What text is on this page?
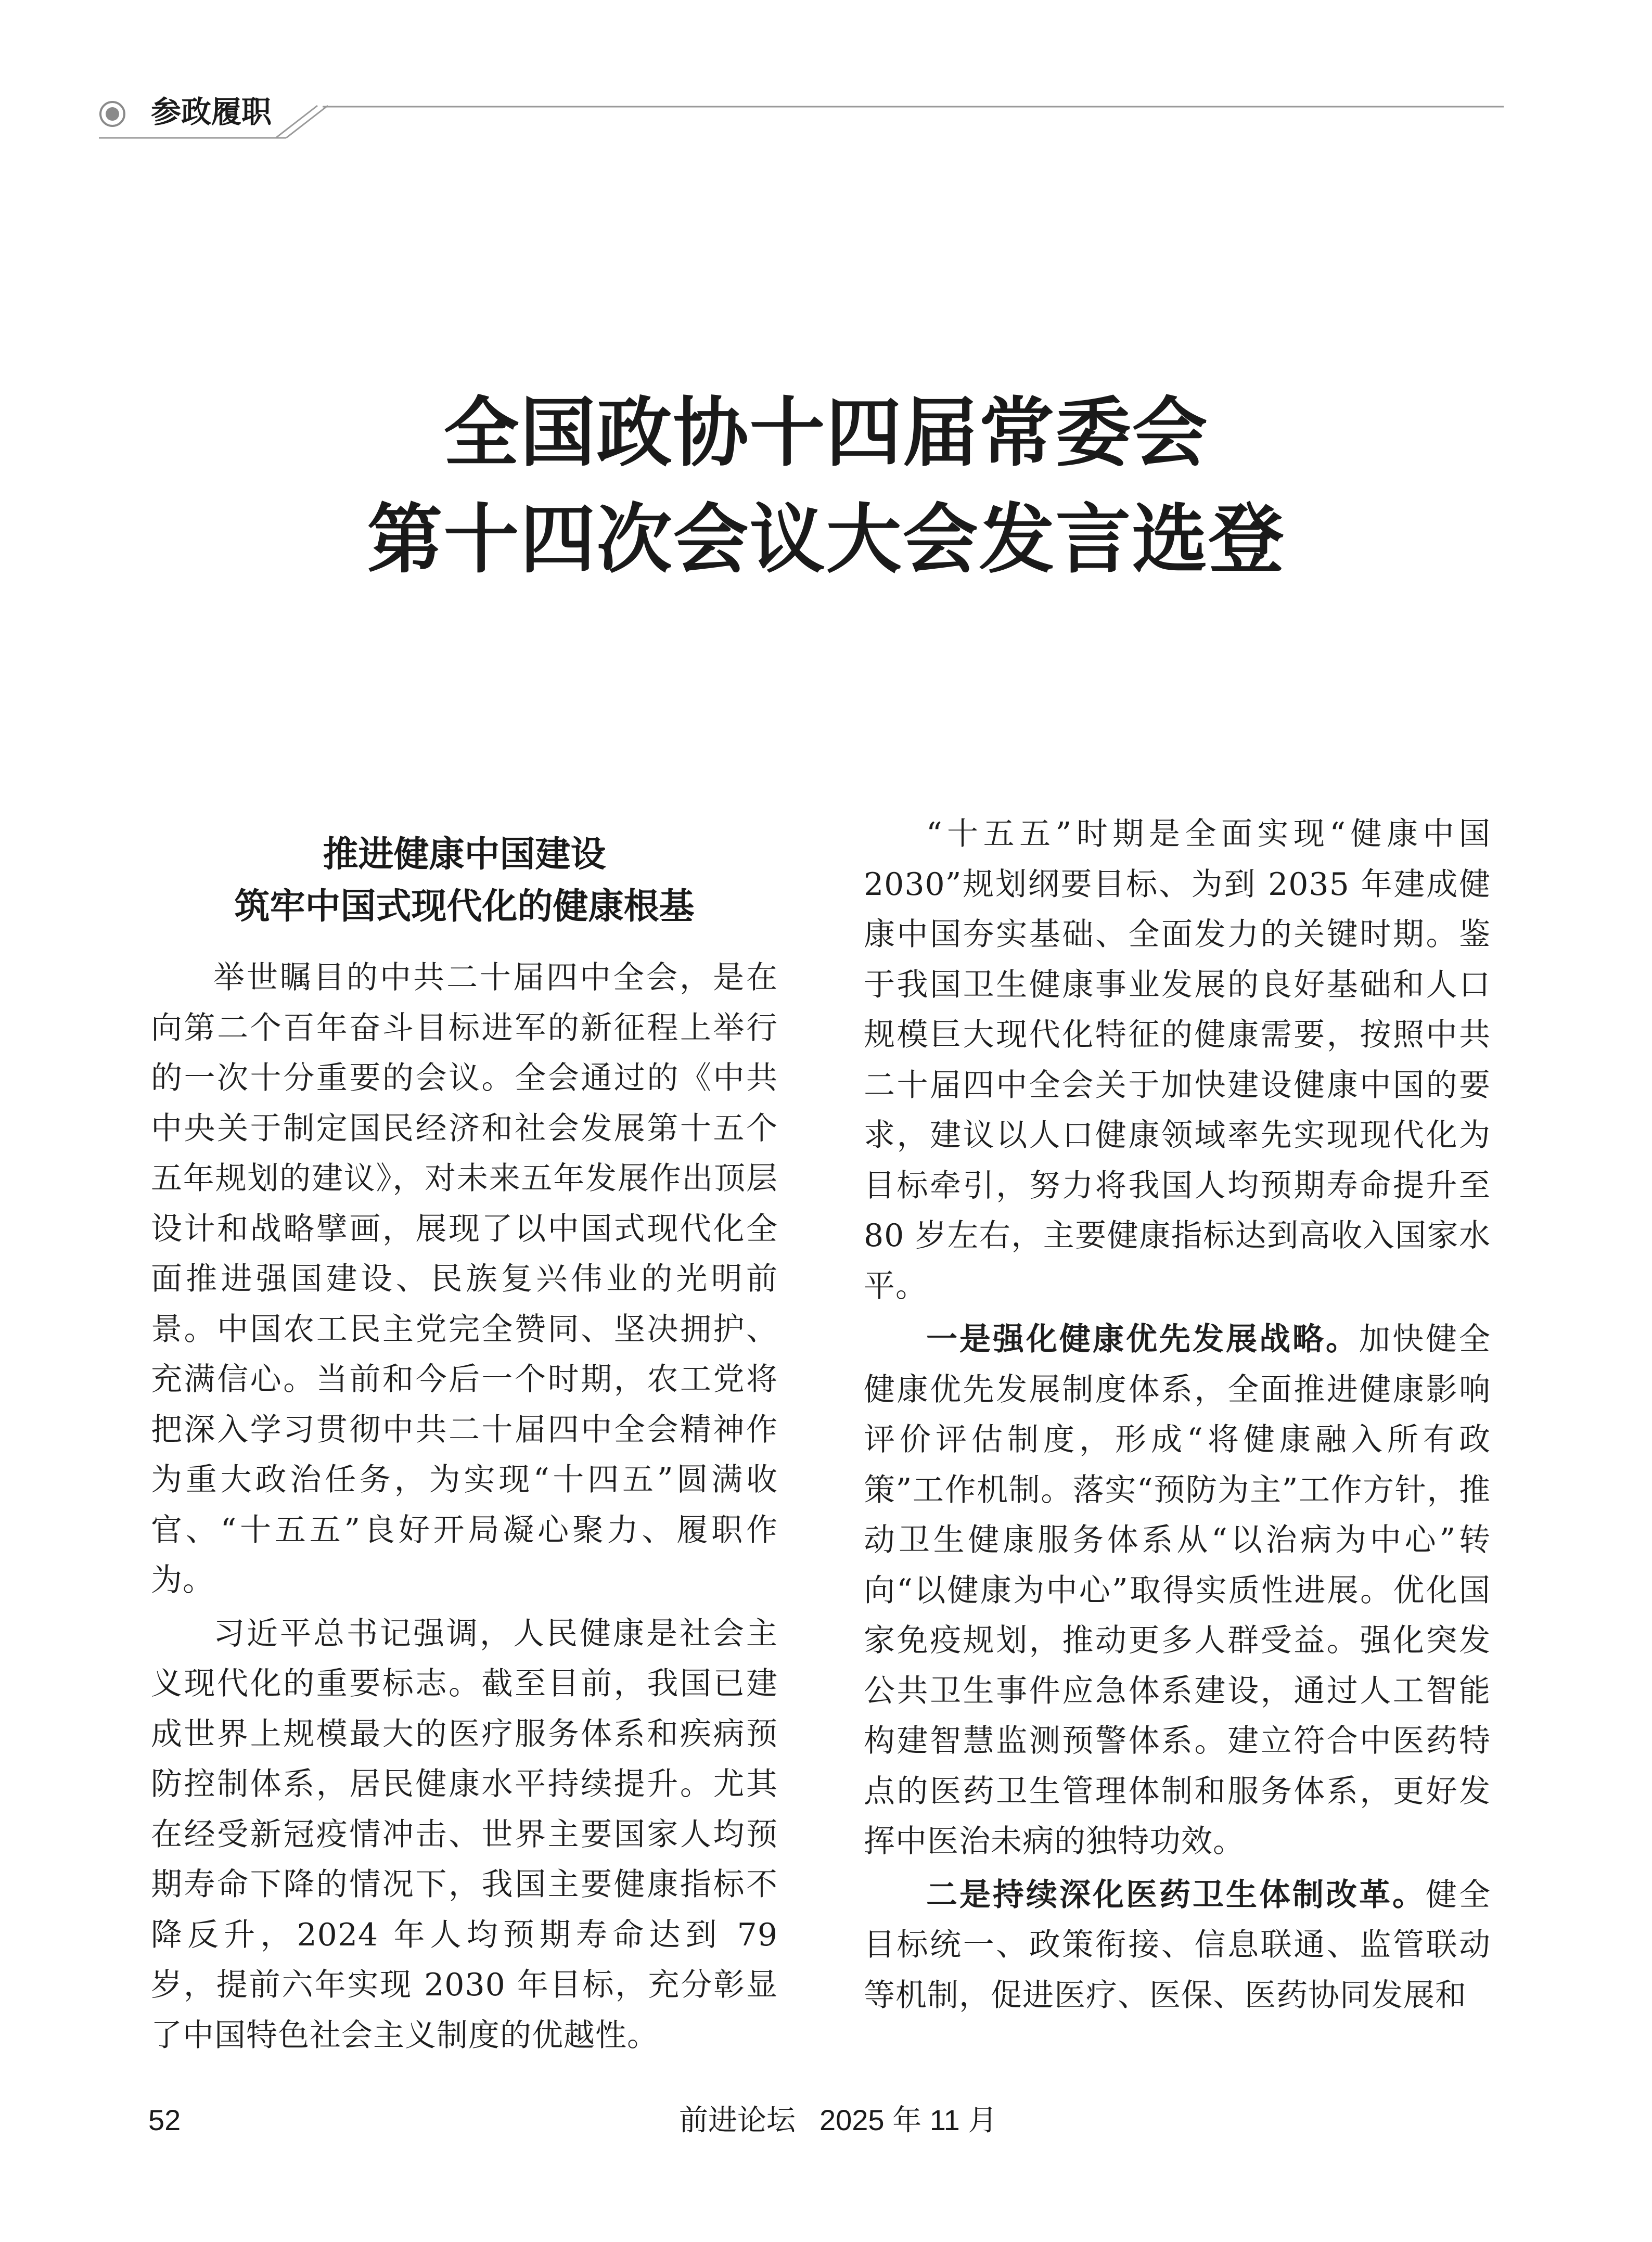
参政履职
全国政协十四届常委会
第十四次会议大会发言选登
推进健康中国建设
筑牢中国式现代化的健康根基

举世瞩目的中共二十届四中全会，是在向第二个百年奋斗目标进军的新征程上举行的一次十分重要的会议。全会通过的《中共中央关于制定国民经济和社会发展第十五个五年规划的建议》，对未来五年发展作出顶层设计和战略擘画，展现了以中国式现代化全面推进强国建设、民族复兴伟业的光明前景。中国农工民主党完全赞同、坚决拥护、充满信心。当前和今后一个时期，农工党将把深入学习贯彻中共二十届四中全会精神作为重大政治任务，为实现“十四五”圆满收官、“十五五”良好开局凝心聚力、履职作为。

习近平总书记强调，人民健康是社会主义现代化的重要标志。截至目前，我国已建成世界上规模最大的医疗服务体系和疾病预防控制体系，居民健康水平持续提升。尤其在经受新冠疫情冲击、世界主要国家人均预期寿命下降的情况下，我国主要健康指标不降反升，2024 年人均预期寿命达到 79 岁，提前六年实现 2030 年目标，充分彰显了中国特色社会主义制度的优越性。

“十五五”时期是全面实现“健康中国 2030”规划纲要目标、为到 2035 年建成健康中国夯实基础、全面发力的关键时期。鉴于我国卫生健康事业发展的良好基础和人口规模巨大现代化特征的健康需要，按照中共二十届四中全会关于加快建设健康中国的要求，建议以人口健康领域率先实现现代化为目标牵引，努力将我国人均预期寿命提升至 80 岁左右，主要健康指标达到高收入国家水平。

一是强化健康优先发展战略。加快健全健康优先发展制度体系，全面推进健康影响评价评估制度，形成“将健康融入所有政策”工作机制。落实“预防为主”工作方针，推动卫生健康服务体系从“以治病为中心”转向“以健康为中心”取得实质性进展。优化国家免疫规划，推动更多人群受益。强化突发公共卫生事件应急体系建设，通过人工智能构建智慧监测预警体系。建立符合中医药特点的医药卫生管理体制和服务体系，更好发挥中医治未病的独特功效。

二是持续深化医药卫生体制改革。健全目标统一、政策衔接、信息联通、监管联动等机制，促进医疗、医保、医药协同发展和

52	前进论坛 2025 年 11 月
